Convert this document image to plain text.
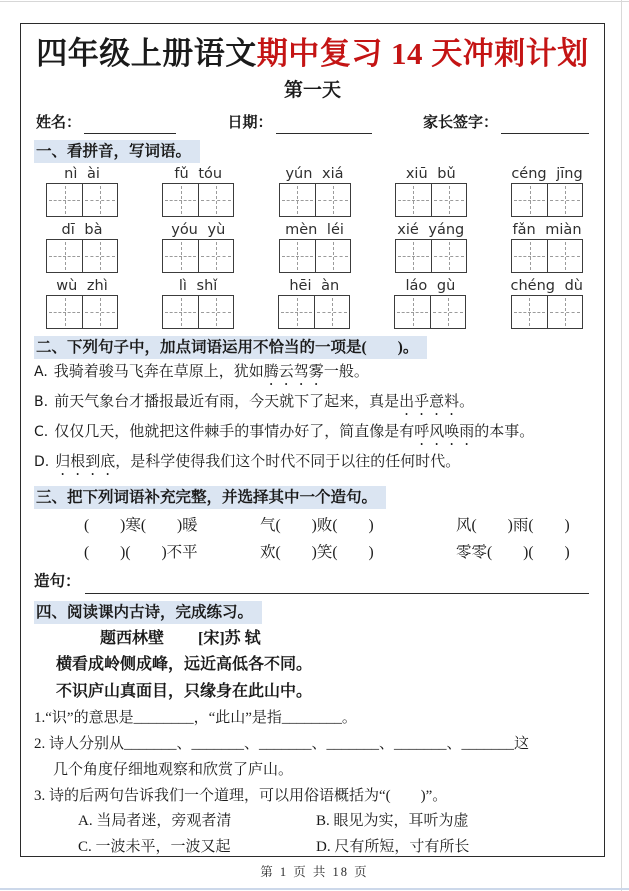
四年级上册语文期中复习 14 天冲刺计划
第一天
姓名：	日期：	家长签字：
一、看拼音，写词语。
nì ài	fǔ tóu	yún xiá	xiū bǔ	céng jīng
dī bà	yóu yù	mèn léi	xié yáng	fǎn miàn
wù zhì	lì shǐ	hēi àn	láo gù	chéng dù
二、下列句子中，加点词语运用不恰当的一项是(　　)。
A. 我骑着骏马飞奔在草原上，犹如腾云驾雾一般。
B. 前天气象台才播报最近有雨，今天就下了起来，真是出乎意料。
C. 仅仅几天，他就把这件棘手的事情办好了，简直像是有呼风唤雨的本事。
D. 归根到底，是科学使得我们这个时代不同于以往的任何时代。
三、把下列词语补充完整，并选择其中一个造句。
(　　)寒(　　)暖	气(　　)败(　　)	风(　　)雨(　　)
(　　)(　　)不平	欢(　　)笑(　　)	零零(　　)(　　)
造句：
四、阅读课内古诗，完成练习。
题西林壁 [宋]苏 轼
横看成岭侧成峰，远近高低各不同。
不识庐山真面目，只缘身在此山中。
1.“识”的意思是________，“此山”是指________。
2. 诗人分别从_______、_______、_______、_______、_______、_______这
几个角度仔细地观察和欣赏了庐山。
3. 诗的后两句告诉我们一个道理，可以用俗语概括为“(　　)”。
A. 当局者迷，旁观者清	B. 眼见为实，耳听为虚
C. 一波未平，一波又起	D. 尺有所短，寸有所长
第 1 页 共 18 页
